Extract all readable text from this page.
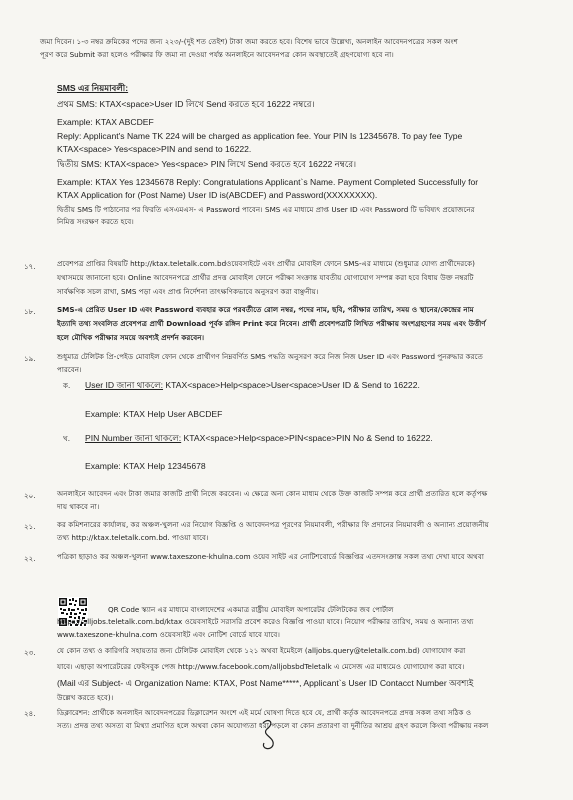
জমা দিবেন। ১-৩ নম্বর ক্রমিকের পদের জন্য ২২৩/-(দুই শত তেইশ) টাকা জমা করতে হবে। বিশেষ ভাবে উল্লেখ্য, অনলাইন আবেদনপত্রের সকল অংশ
পূরণ করে Submit করা হলেও পরীক্ষার ফি জমা না দেওয়া পর্যন্ত অনলাইনে আবেদনপত্র কোন অবস্থাতেই গ্রহণযোগ্য হবে না।
SMS এর নিয়মাবলী:
প্রথম SMS: KTAX<space>User ID লিখে Send করতে হবে 16222 নম্বরে।
Example: KTAX ABCDEF
Reply: Applicant's Name TK 224 will be charged as application fee. Your PIN Is 12345678. To pay fee Type
KTAX<space> Yes<space>PIN and send to 16222.
দ্বিতীয় SMS: KTAX<space> Yes<space> PIN লিখে Send করতে হবে 16222 নম্বরে।
Example: KTAX Yes 12345678 Reply: Congratulations Applicant`s Name. Payment Completed Successfully for
KTAX Application for (Post Name) User ID is(ABCDEF) and Password(XXXXXXXX).
দ্বিতীয় SMS টি পাঠানোর পর ফিরতি এসএমএস- এ Password পাবেন। SMS এর মাধ্যমে প্রাপ্ত User ID এবং Password টি ভবিষ্যৎ প্রয়োজনের
নিমিত্ত সংরক্ষণ করতে হবে।
১৭.	প্রবেশপত্র প্রাপ্তির বিষয়টি http://ktax.teletalk.com.bdওয়েবসাইটে এবং প্রার্থীর মোবাইল ফোনে SMS-এর মাধ্যমে (শুধুমাত্র যোগ্য প্রার্থীদেরকে)
যথাসময়ে জানানো হবে। Online আবেদনপত্রে প্রার্থীর প্রদত্ত মোবাইল ফোনে পরীক্ষা সংক্রান্ত যাবতীয় যোগাযোগ সম্পন্ন করা হবে বিধায় উক্ত নম্বরটি
সার্বক্ষণিক সচল রাখা, SMS পড়া এবং প্রাপ্ত নির্দেশনা তাৎক্ষণিকভাবে অনুসরণ করা বাঞ্ছনীয়।
১৮.	SMS-এ প্রেরিত User ID এবং Password ব্যবহার করে পরবর্তীতে রোল নম্বর, পদের নাম, ছবি, পরীক্ষার তারিখ, সময় ও স্থানের/কেন্দ্রের নাম
ইত্যাদি তথ্য সংবলিত প্রবেশপত্র প্রার্থী Download পূর্বক রঙ্গিন Print করে নিবেন। প্রার্থী প্রবেশপত্রটি লিখিত পরীক্ষায় অংশগ্রহণের সময় এবং উত্তীর্ণ
হলে মৌখিক পরীক্ষার সময়ে অবশ্যই প্রদর্শন করবেন।
১৯.	শুধুমাত্র টেলিটক প্রি-পেইড মোবাইল ফোন থেকে প্রার্থীগণ নিম্নবর্ণিত SMS পদ্ধতি অনুসরণ করে নিজ নিজ User ID এবং Password পুনরুদ্ধার করতে
পারবেন।
ক. User ID জানা থাকলে: KTAX<space>Help<space>User<space>User ID & Send to 16222.
Example: KTAX Help User ABCDEF
খ. PIN Number জানা থাকলে: KTAX<space>Help<space>PIN<space>PIN No & Send to 16222.
Example: KTAX Help 12345678
২০.	অনলাইনে আবেদন এবং টাকা জমার কাজটি প্রার্থী নিজে করবেন। এ ক্ষেত্রে অন্য কোন মাধ্যম থেকে উক্ত কাজটি সম্পন্ন করে প্রার্থী প্রতারিত হলে কর্তৃপক্ষ
দায় থাকবে না।
২১.	কর কমিশনারের কার্যালয়, কর অঞ্চল-খুলনা এর নিয়োগ বিজ্ঞপ্তি ও আবেদনপত্র পূরণের নিয়মাবলী, পরীক্ষার ফি প্রদানের নিয়মাবলী ও অন্যান্য প্রয়োজনীয়
তথ্য http://ktax.teletalk.com.bd. পাওয়া যাবে।
২২.	পত্রিকা ছাড়াও কর অঞ্চল-খুলনা www.taxeszone-khulna.com ওয়েব সাইট এর নোটিশবোর্ডে বিজ্ঞপ্তির এতদসংক্রান্ত সকল তথ্য দেখা যাবে অথবা
QR Code স্ক্যান এর মাধ্যমে বাংলাদেশের একমাত্র রাষ্ট্রীয় মোবাইল অপারেটর টেলিটকের জব পোর্টাল
https://alljobs.teletalk.com.bd/ktax ওয়েবসাইটে সরাসরি প্রবেশ করেও বিজ্ঞপ্তি পাওয়া যাবে। নিয়োগ পরীক্ষার তারিখ, সময় ও অন্যান্য তথ্য
www.taxeszone-khulna.com ওয়েবসাইট এবং নোটিশ বোর্ডে যাবে যাবে।
২৩.	যে কোন তথ্য ও কারিগরি সহায়তার জন্য টেলিটক মোবাইল থেকে ১২১ অথবা ইমেইলে (alljobs.query@teletalk.com.bd) যোগাযোগ করা
যাবে। এছাড়া অপারেটরের ফেইসবুক পেজ http://www.facebook.com/alljobsbdTeletalk এ মেসেজ এর মাধ্যমেও যোগাযোগ করা যাবে।
(Mail এর Subject- এ Organization Name: KTAX, Post Name*****, Applicant`s User ID Contacct Number অবশ্যই
উল্লেখ করতে হবে)।
২৪.	ডিক্লারেশন: প্রার্থীকে অনলাইন আবেদনপত্রের ডিক্লারেশন অংশে এই মর্মে ঘোষণা দিতে হবে যে, প্রার্থী কর্তৃক আবেদনপত্রে প্রদত্ত সকল তথ্য সঠিক ও
সত্য। প্রদত্ত তথ্য অসত্য বা মিথ্যা প্রমাণিত হলে অথবা কোন অযোগ্যতা ধরা পড়লে বা কোন প্রতারণা বা দুর্নীতির আশ্রয় গ্রহণ করলে কিংবা পরীক্ষায় নকল
